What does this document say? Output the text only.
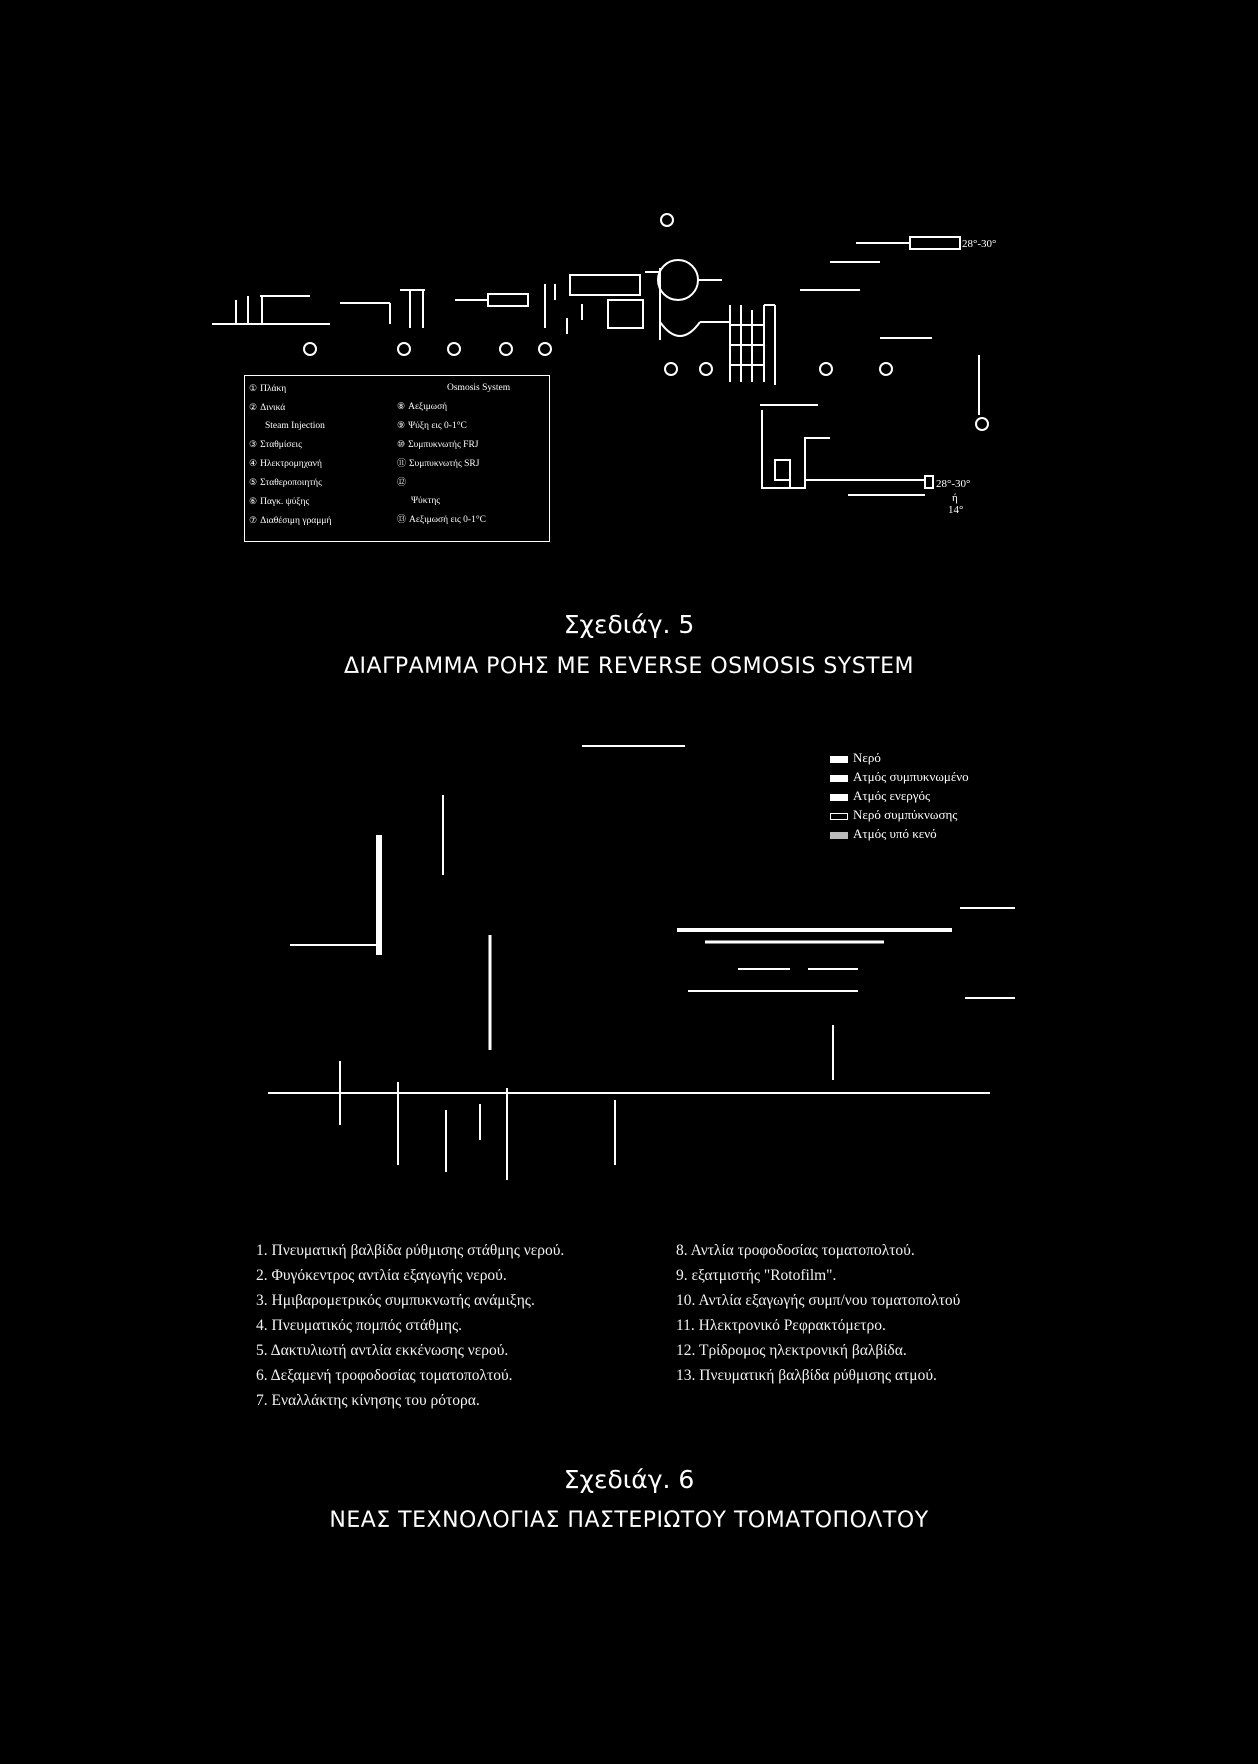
28°-30°
28°-30°
ή
14°
① Πλάκη
② Δινικά
Steam Injection
③ Σταθμίσεις
④ Ηλεκτρομηχανή
⑤ Σταθεροποιητής
⑥ Παγκ. ψύξης
⑦ Διαθέσιμη γραμμή
Osmosis System
⑧ Αεξιμωσή
⑨ Ψύξη εις 0-1°C
⑩ Συμπυκνωτής FRJ
⑪ Συμπυκνωτής SRJ
⑫
Ψύκτης
⑬ Αεξιμωσή εις 0-1°C
Σχεδιάγ. 5
ΔΙΑΓΡΑΜΜΑ ΡΟΗΣ ME REVERSE OSMOSIS SYSTEM
Νερό
Ατμός συμπυκνωμένο
Ατμός ενεργός
Νερό συμπύκνωσης
Ατμός υπό κενό
1. Πνευματική βαλβίδα ρύθμισης στάθμης νερού.
2. Φυγόκεντρος αντλία εξαγωγής νερού.
3. Ημιβαρομετρικός συμπυκνωτής ανάμιξης.
4. Πνευματικός πομπός στάθμης.
5. Δακτυλιωτή αντλία εκκένωσης νερού.
6. Δεξαμενή τροφοδοσίας τοματοπολτού.
7. Εναλλάκτης κίνησης του ρότορα.
8. Αντλία τροφοδοσίας τοματοπολτού.
9. εξατμιστής "Rotofilm".
10. Αντλία εξαγωγής συμπ/νου τοματοπολτού
11. Ηλεκτρονικό Ρεφρακτόμετρο.
12. Τρίδρομος ηλεκτρονική βαλβίδα.
13. Πνευματική βαλβίδα ρύθμισης ατμού.
Σχεδιάγ. 6
ΝΕΑΣ ΤΕΧΝΟΛΟΓΙΑΣ ΠΑΣΤΕΡΙΩΤΟΥ ΤΟΜΑΤΟΠΟΛΤΟΥ
